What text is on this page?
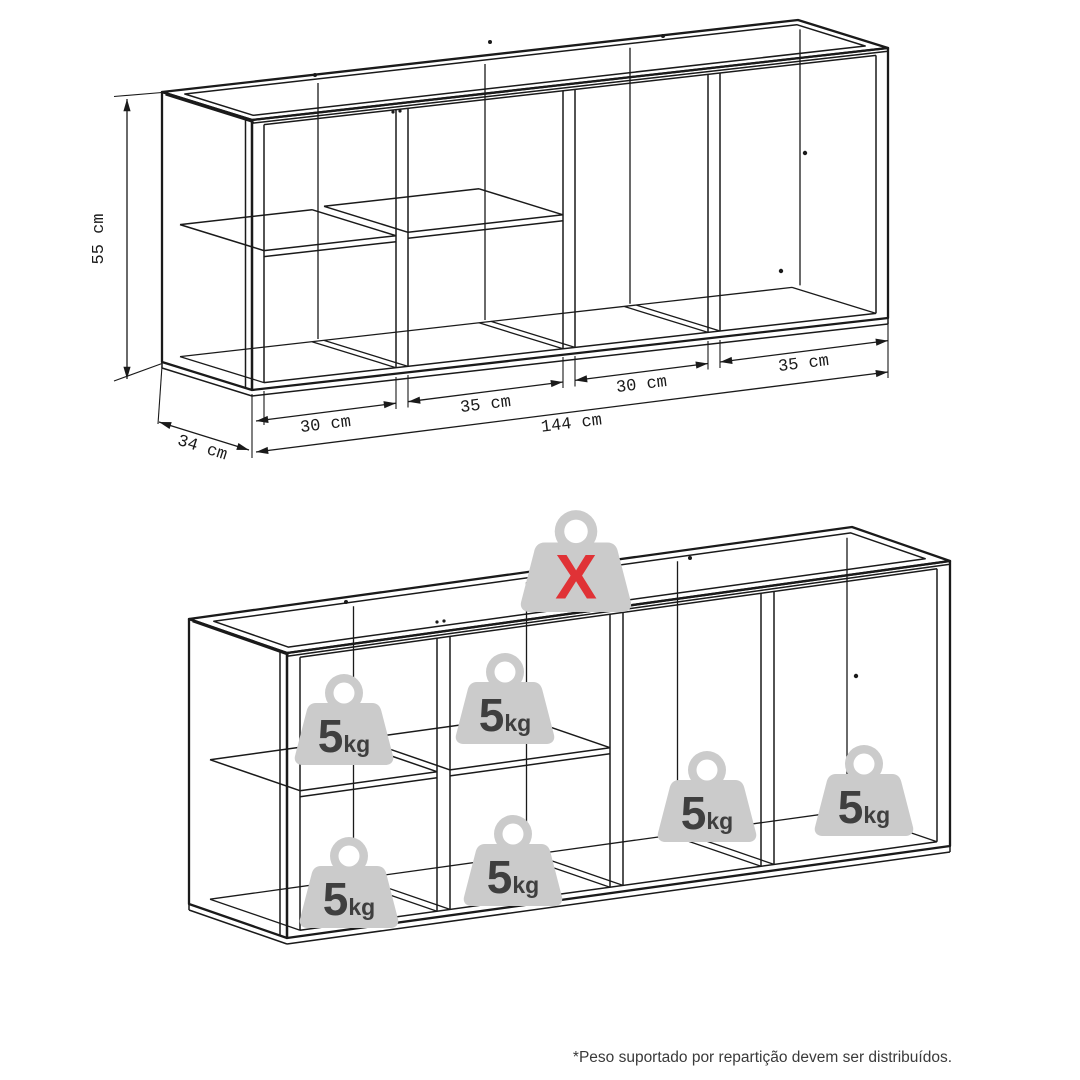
55 cm
34 cm
30 cm
35 cm
30 cm
35 cm
144 cm
X
5kg
5kg
5kg
5kg
5kg 5kg
*Peso suportado por repartição devem ser distribuídos.
